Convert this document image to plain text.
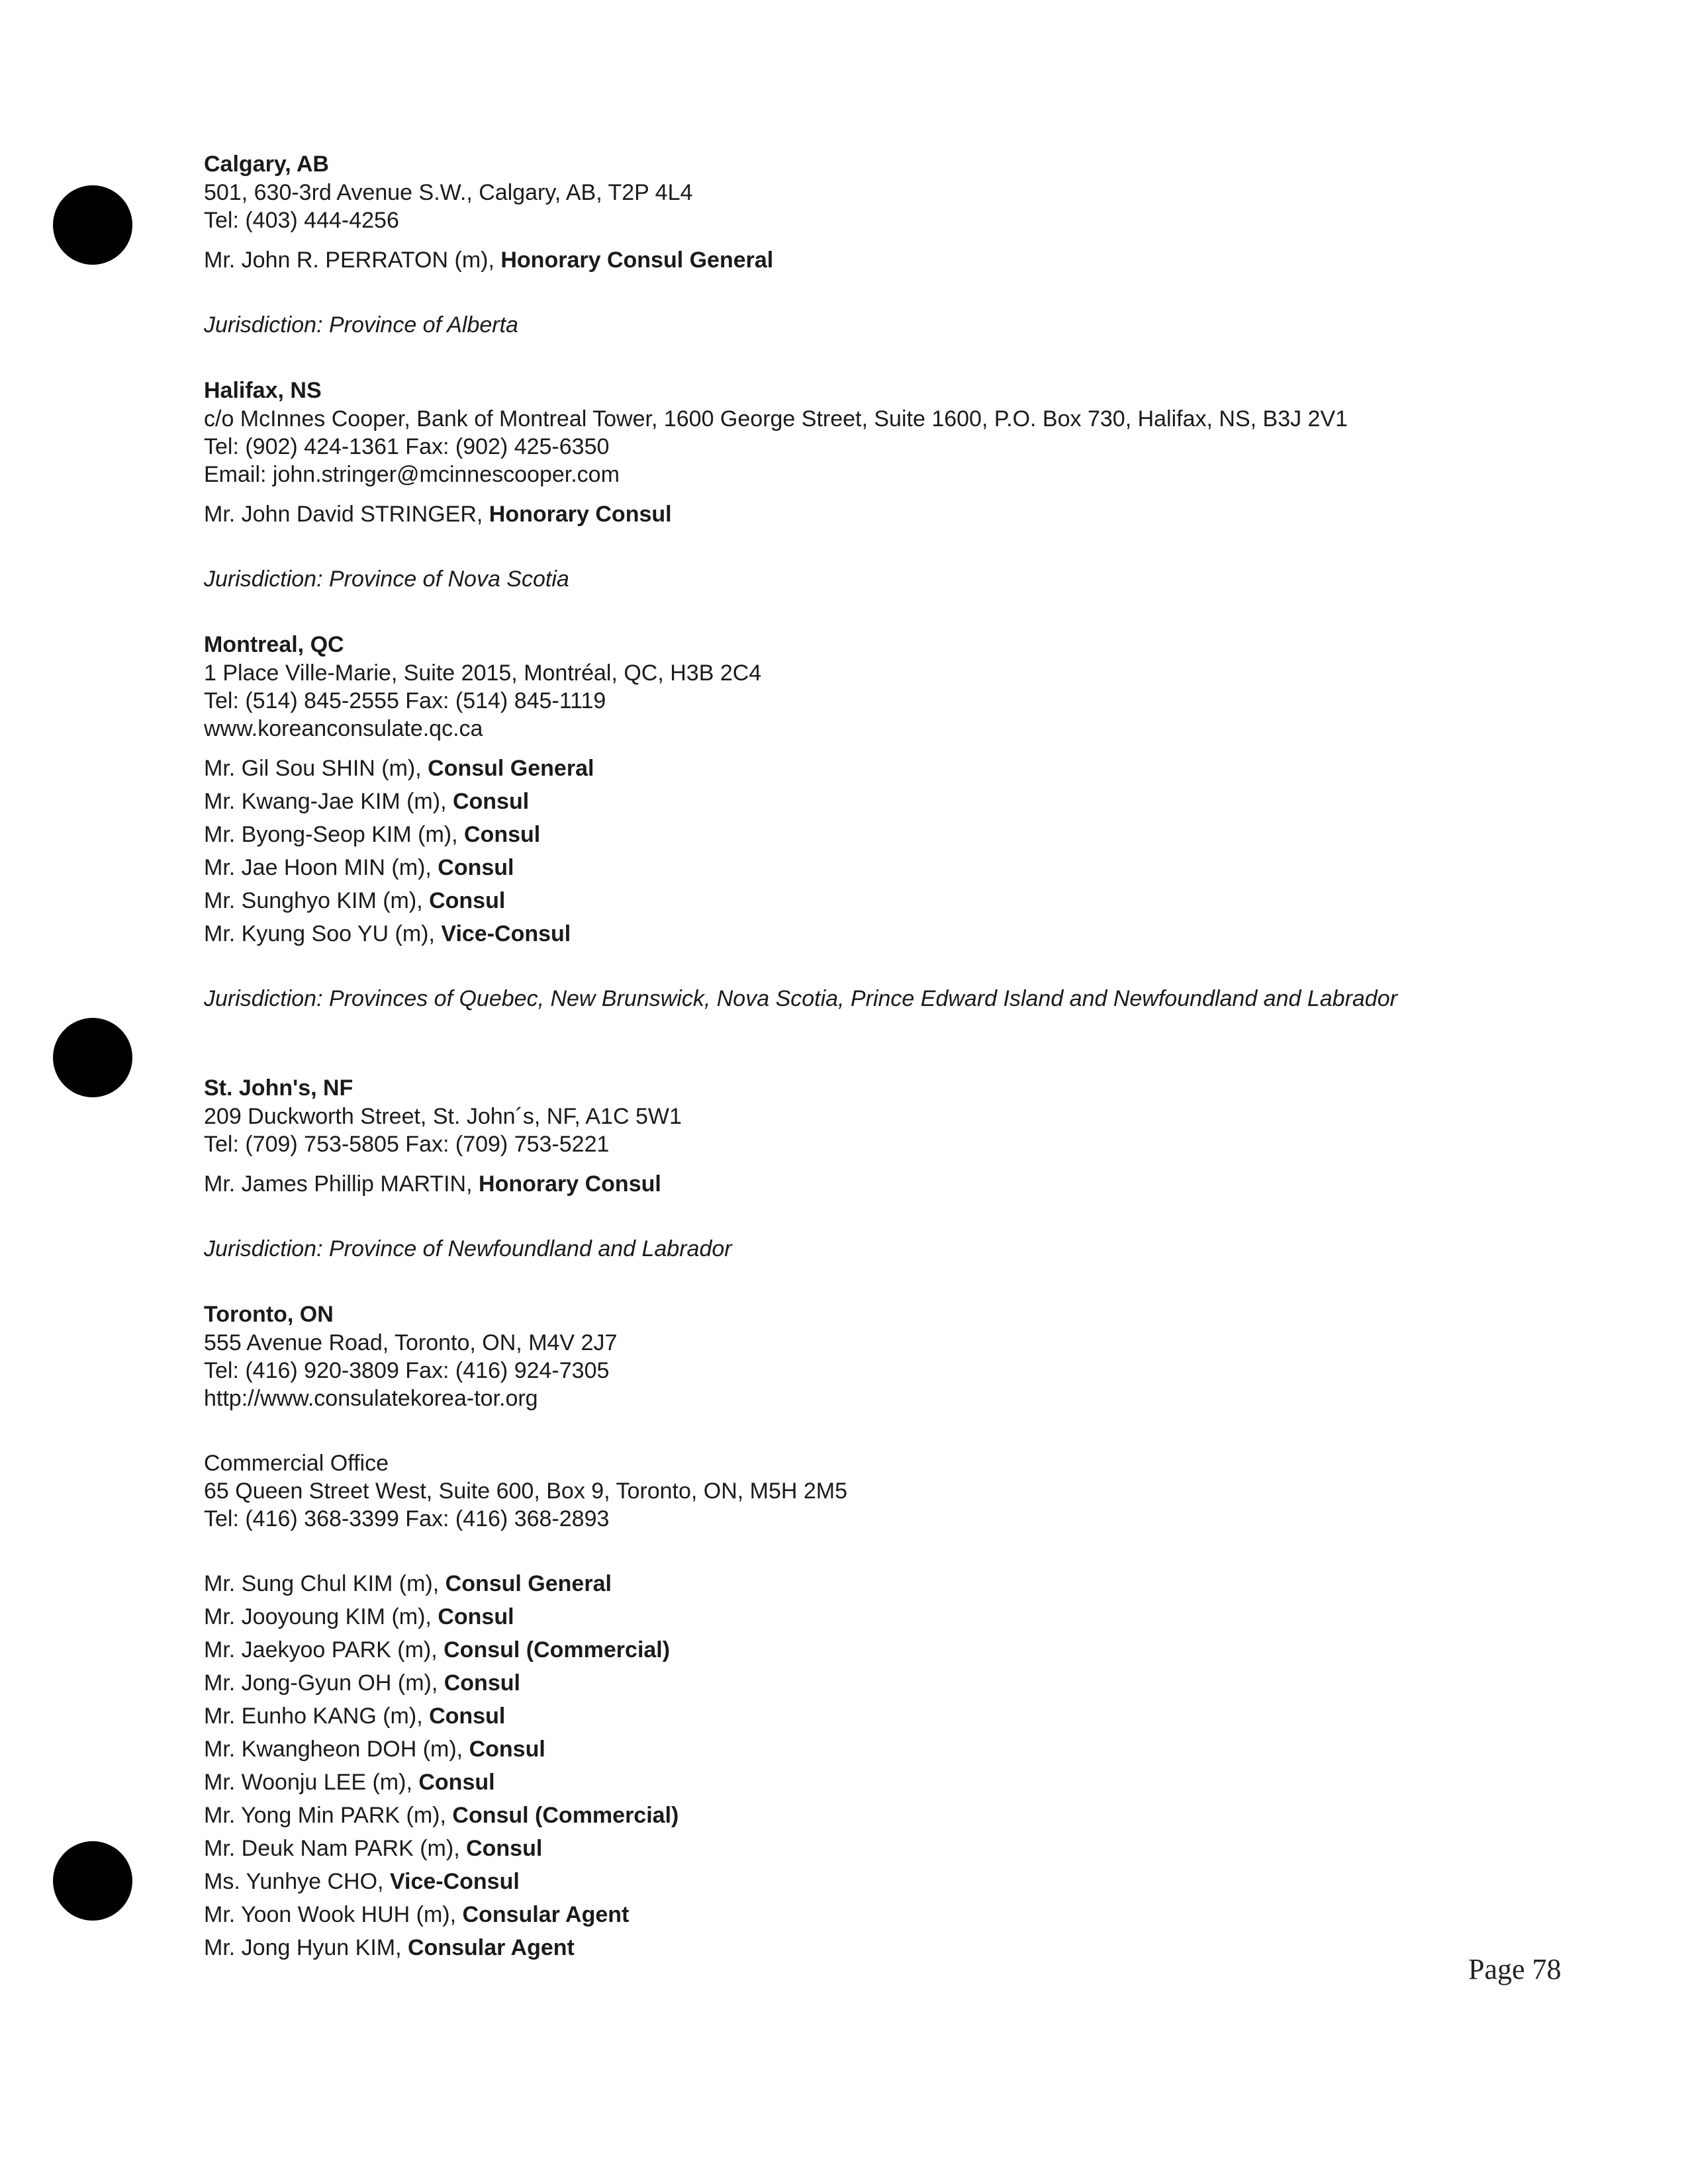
Calgary, AB
501, 630-3rd Avenue S.W., Calgary, AB, T2P 4L4
Tel: (403) 444-4256
Mr. John R. PERRATON (m), Honorary Consul General
Jurisdiction: Province of Alberta
Halifax, NS
c/o McInnes Cooper, Bank of Montreal Tower, 1600 George Street, Suite 1600, P.O. Box 730, Halifax, NS, B3J 2V1
Tel: (902) 424-1361 Fax: (902) 425-6350
Email: john.stringer@mcinnescooper.com
Mr. John David STRINGER, Honorary Consul
Jurisdiction: Province of Nova Scotia
Montreal, QC
1 Place Ville-Marie, Suite 2015, Montréal, QC, H3B 2C4
Tel: (514) 845-2555 Fax: (514) 845-1119
www.koreanconsulate.qc.ca
Mr. Gil Sou SHIN (m), Consul General
Mr. Kwang-Jae KIM (m), Consul
Mr. Byong-Seop KIM (m), Consul
Mr. Jae Hoon MIN (m), Consul
Mr. Sunghyo KIM (m), Consul
Mr. Kyung Soo YU (m), Vice-Consul
Jurisdiction: Provinces of Quebec, New Brunswick, Nova Scotia, Prince Edward Island and Newfoundland and Labrador
St. John's, NF
209 Duckworth Street, St. John´s, NF, A1C 5W1
Tel: (709) 753-5805 Fax: (709) 753-5221
Mr. James Phillip MARTIN, Honorary Consul
Jurisdiction: Province of Newfoundland and Labrador
Toronto, ON
555 Avenue Road, Toronto, ON, M4V 2J7
Tel: (416) 920-3809 Fax: (416) 924-7305
http://www.consulatekorea-tor.org
Commercial Office
65 Queen Street West, Suite 600, Box 9, Toronto, ON, M5H 2M5
Tel: (416) 368-3399 Fax: (416) 368-2893
Mr. Sung Chul KIM (m), Consul General
Mr. Jooyoung KIM (m), Consul
Mr. Jaekyoo PARK (m), Consul (Commercial)
Mr. Jong-Gyun OH (m), Consul
Mr. Eunho KANG (m), Consul
Mr. Kwangheon DOH (m), Consul
Mr. Woonju LEE (m), Consul
Mr. Yong Min PARK (m), Consul (Commercial)
Mr. Deuk Nam PARK (m), Consul
Ms. Yunhye CHO, Vice-Consul
Mr. Yoon Wook HUH (m), Consular Agent
Mr. Jong Hyun KIM, Consular Agent
Page 78
